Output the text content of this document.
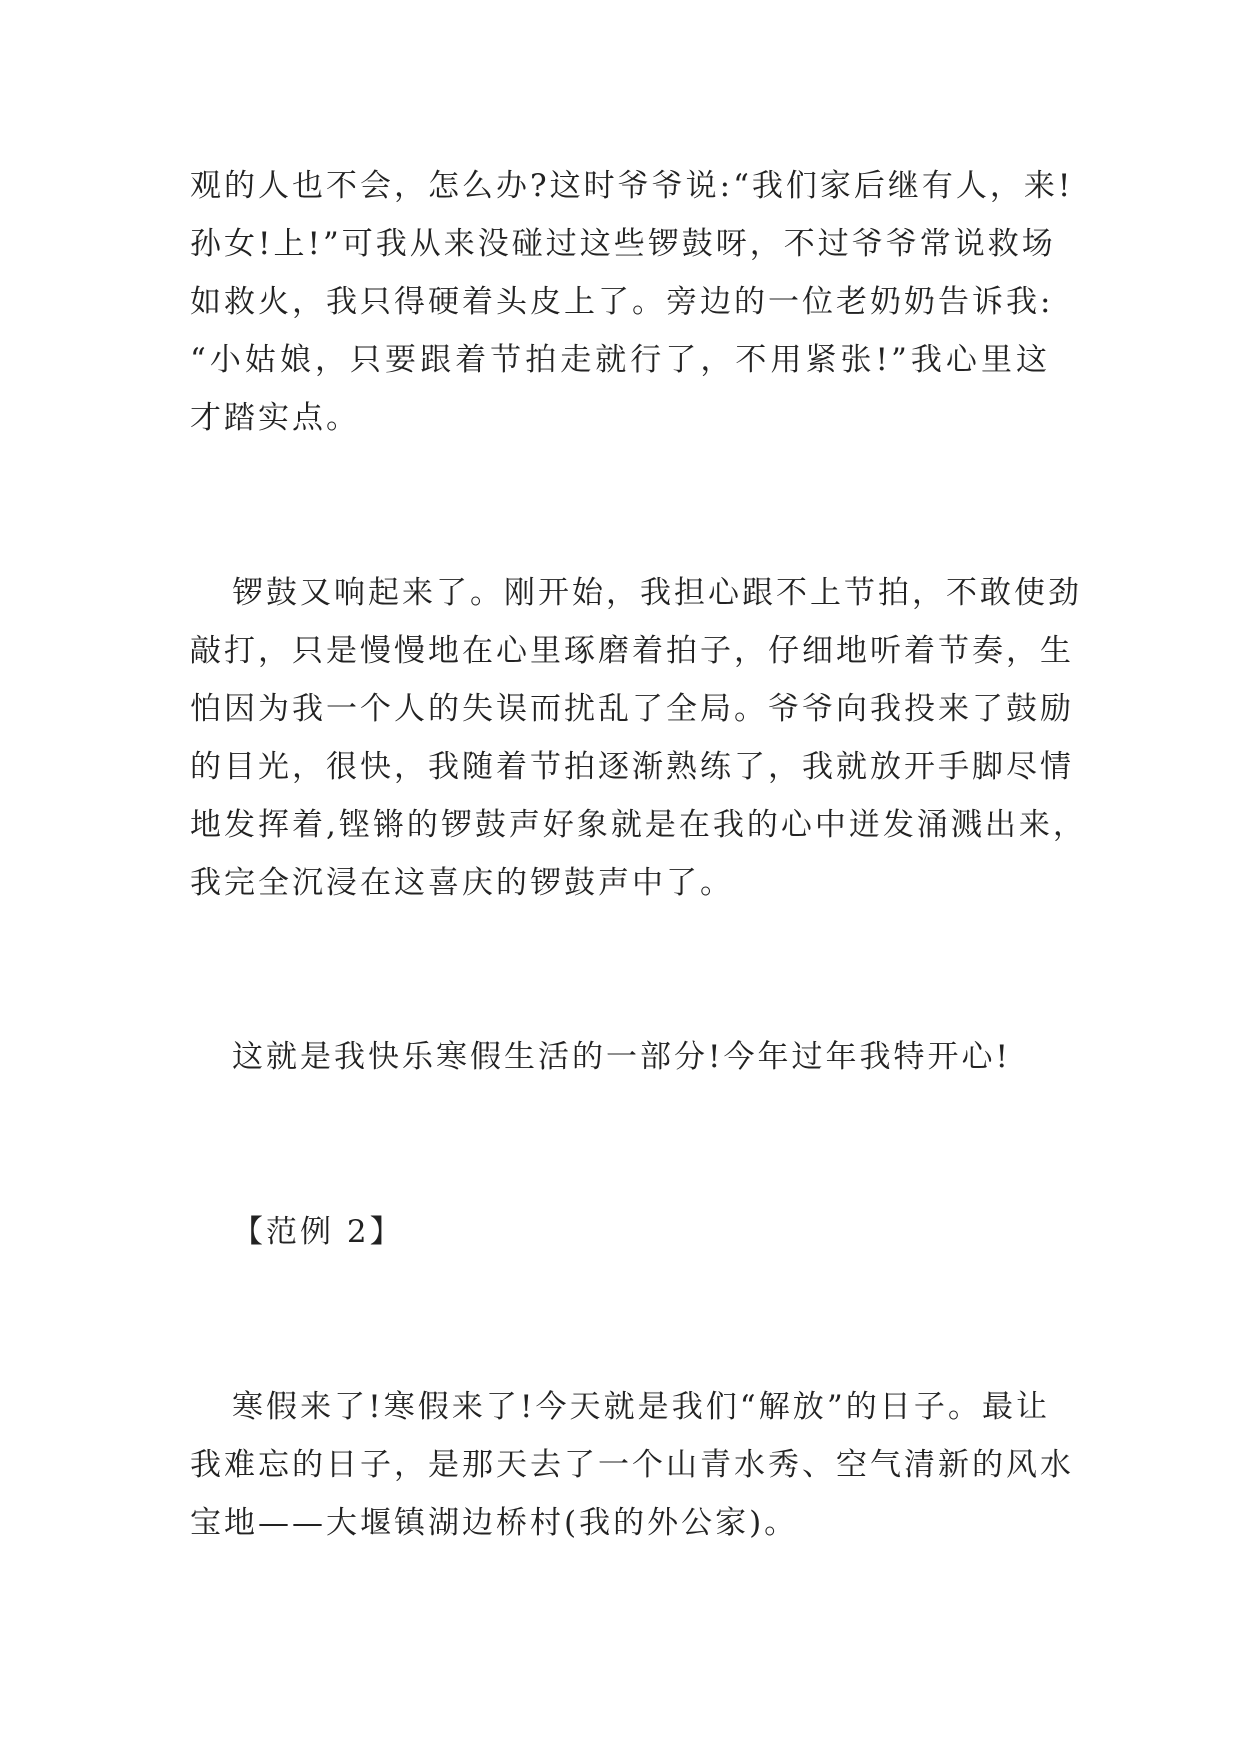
观的人也不会，怎么办?这时爷爷说:“我们家后继有人，来!
孙女!上!”可我从来没碰过这些锣鼓呀，不过爷爷常说救场
如救火，我只得硬着头皮上了。旁边的一位老奶奶告诉我:
“小姑娘，只要跟着节拍走就行了，不用紧张!”我心里这
才踏实点。
锣鼓又响起来了。刚开始，我担心跟不上节拍，不敢使劲
敲打，只是慢慢地在心里琢磨着拍子，仔细地听着节奏，生
怕因为我一个人的失误而扰乱了全局。爷爷向我投来了鼓励
的目光，很快，我随着节拍逐渐熟练了，我就放开手脚尽情
地发挥着,铿锵的锣鼓声好象就是在我的心中迸发涌溅出来，
我完全沉浸在这喜庆的锣鼓声中了。
这就是我快乐寒假生活的一部分!今年过年我特开心!
【范例 2】
寒假来了!寒假来了!今天就是我们“解放”的日子。最让
我难忘的日子，是那天去了一个山青水秀、空气清新的风水
宝地——大堰镇湖边桥村(我的外公家)。
